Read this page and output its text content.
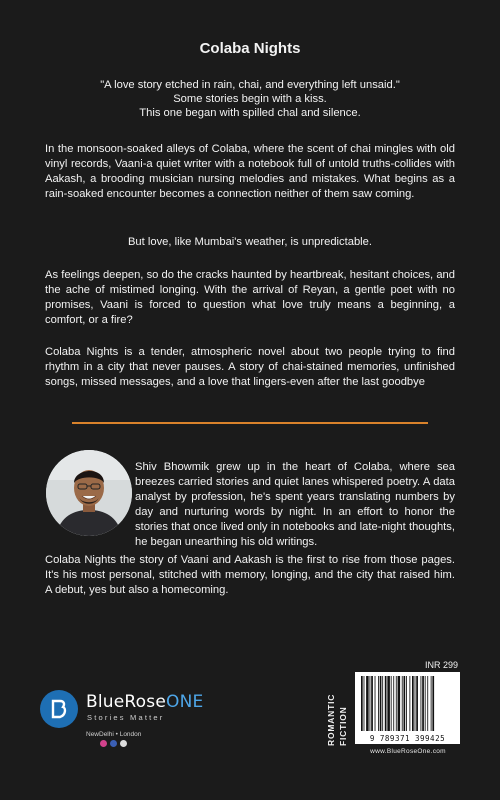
Colaba Nights
"A love story etched in rain, chai, and everything left unsaid."
Some stories begin with a kiss.
This one began with spilled chal and silence.

In the monsoon-soaked alleys of Colaba, where the scent of chai mingles with old vinyl records, Vaani-a quiet writer with a notebook full of untold truths-collides with Aakash, a brooding musician nursing melodies and mistakes. What begins as a rain-soaked encounter becomes a connection neither of them saw coming.

But love, like Mumbai's weather, is unpredictable.

As feelings deepen, so do the cracks haunted by heartbreak, hesitant choices, and the ache of mistimed longing. With the arrival of Reyan, a gentle poet with no promises, Vaani is forced to question what love truly means a beginning, a comfort, or a fire?

Colaba Nights is a tender, atmospheric novel about two people trying to find rhythm in a city that never pauses. A story of chai-stained memories, unfinished songs, missed messages, and a love that lingers-even after the last goodbye

Shiv Bhowmik grew up in the heart of Colaba, where sea breezes carried stories and quiet lanes whispered poetry. A data analyst by profession, he's spent years translating numbers by day and nurturing words by night. In an effort to honor the stories that once lived only in notebooks and late-night thoughts, he began unearthing his old writings.

Colaba Nights the story of Vaani and Aakash is the first to rise from those pages. It's his most personal, stitched with memory, longing, and the city that raised him. A debut, yes but also a homecoming.

BlueRoseONE
Stories Matter
NewDelhi • London
INR 299
ROMANTIC FICTION	9 789371 399425
www.BlueRoseOne.com
